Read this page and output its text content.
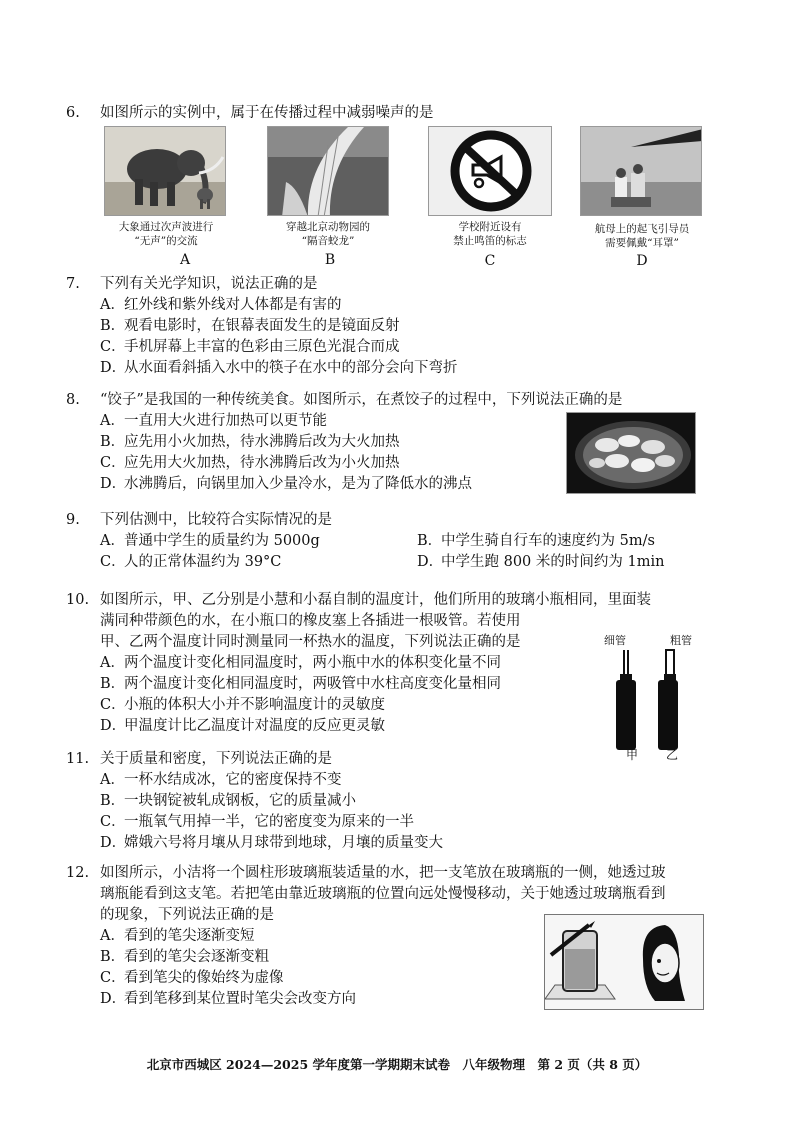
6. 如图所示的实例中，属于在传播过程中减弱噪声的是
大象通过次声波进行
“无声”的交流
穿越北京动物园的
“隔音蛟龙”
学校附近设有
禁止鸣笛的标志
航母上的起飞引导员
需要佩戴“耳罩”
A	B	C	D
7. 下列有关光学知识，说法正确的是
A．红外线和紫外线对人体都是有害的
B．观看电影时，在银幕表面发生的是镜面反射
C．手机屏幕上丰富的色彩由三原色光混合而成
D．从水面看斜插入水中的筷子在水中的部分会向下弯折
8. “饺子”是我国的一种传统美食。如图所示，在煮饺子的过程中，下列说法正确的是
A．一直用大火进行加热可以更节能
B．应先用小火加热，待水沸腾后改为大火加热
C．应先用大火加热，待水沸腾后改为小火加热
D．水沸腾后，向锅里加入少量冷水，是为了降低水的沸点
9. 下列估测中，比较符合实际情况的是
A．普通中学生的质量约为 5000g	B．中学生骑自行车的速度约为 5m/s
C．人的正常体温约为 39°C	D．中学生跑 800 米的时间约为 1min
10. 如图所示，甲、乙分别是小慧和小磊自制的温度计，他们所用的玻璃小瓶相同，里面装
满同种带颜色的水，在小瓶口的橡皮塞上各插进一根吸管。若使用
甲、乙两个温度计同时测量同一杯热水的温度，下列说法正确的是
A．两个温度计变化相同温度时，两小瓶中水的体积变化量不同
B．两个温度计变化相同温度时，两吸管中水柱高度变化量相同
C．小瓶的体积大小并不影响温度计的灵敏度
D．甲温度计比乙温度计对温度的反应更灵敏
细管	粗管
甲 乙
11. 关于质量和密度，下列说法正确的是
A．一杯水结成冰，它的密度保持不变
B．一块钢锭被轧成钢板，它的质量减小
C．一瓶氧气用掉一半，它的密度变为原来的一半
D．嫦娥六号将月壤从月球带到地球，月壤的质量变大
12. 如图所示，小洁将一个圆柱形玻璃瓶装适量的水，把一支笔放在玻璃瓶的一侧，她透过玻
璃瓶能看到这支笔。若把笔由靠近玻璃瓶的位置向远处慢慢移动，关于她透过玻璃瓶看到
的现象，下列说法正确的是
A．看到的笔尖逐渐变短
B．看到的笔尖会逐渐变粗
C．看到笔尖的像始终为虚像
D．看到笔移到某位置时笔尖会改变方向
北京市西城区 2024—2025 学年度第一学期期末试卷　八年级物理　第 2 页（共 8 页）
